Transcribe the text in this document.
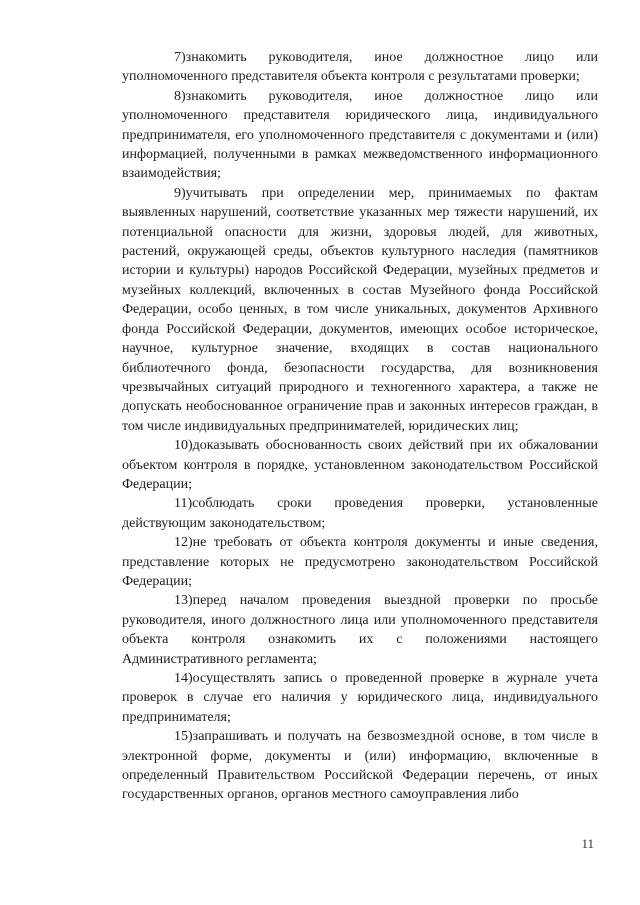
7)знакомить руководителя, иное должностное лицо или уполномоченного представителя объекта контроля с результатами проверки;

8)знакомить руководителя, иное должностное лицо или уполномоченного представителя юридического лица, индивидуального предпринимателя, его уполномоченного представителя с документами и (или) информацией, полученными в рамках межведомственного информационного взаимодействия;

9)учитывать при определении мер, принимаемых по фактам выявленных нарушений, соответствие указанных мер тяжести нарушений, их потенциальной опасности для жизни, здоровья людей, для животных, растений, окружающей среды, объектов культурного наследия (памятников истории и культуры) народов Российской Федерации, музейных предметов и музейных коллекций, включенных в состав Музейного фонда Российской Федерации, особо ценных, в том числе уникальных, документов Архивного фонда Российской Федерации, документов, имеющих особое историческое, научное, культурное значение, входящих в состав национального библиотечного фонда, безопасности государства, для возникновения чрезвычайных ситуаций природного и техногенного характера, а также не допускать необоснованное ограничение прав и законных интересов граждан, в том числе индивидуальных предпринимателей, юридических лиц;

10)доказывать обоснованность своих действий при их обжаловании объектом контроля в порядке, установленном законодательством Российской Федерации;

11)соблюдать сроки проведения проверки, установленные действующим законодательством;

12)не требовать от объекта контроля документы и иные сведения, представление которых не предусмотрено законодательством Российской Федерации;

13)перед началом проведения выездной проверки по просьбе руководителя, иного должностного лица или уполномоченного представителя объекта контроля ознакомить их с положениями настоящего Административного регламента;

14)осуществлять запись о проведенной проверке в журнале учета проверок в случае его наличия у юридического лица, индивидуального предпринимателя;

15)запрашивать и получать на безвозмездной основе, в том числе в электронной форме, документы и (или) информацию, включенные в определенный Правительством Российской Федерации перечень, от иных государственных органов, органов местного самоуправления либо

11
